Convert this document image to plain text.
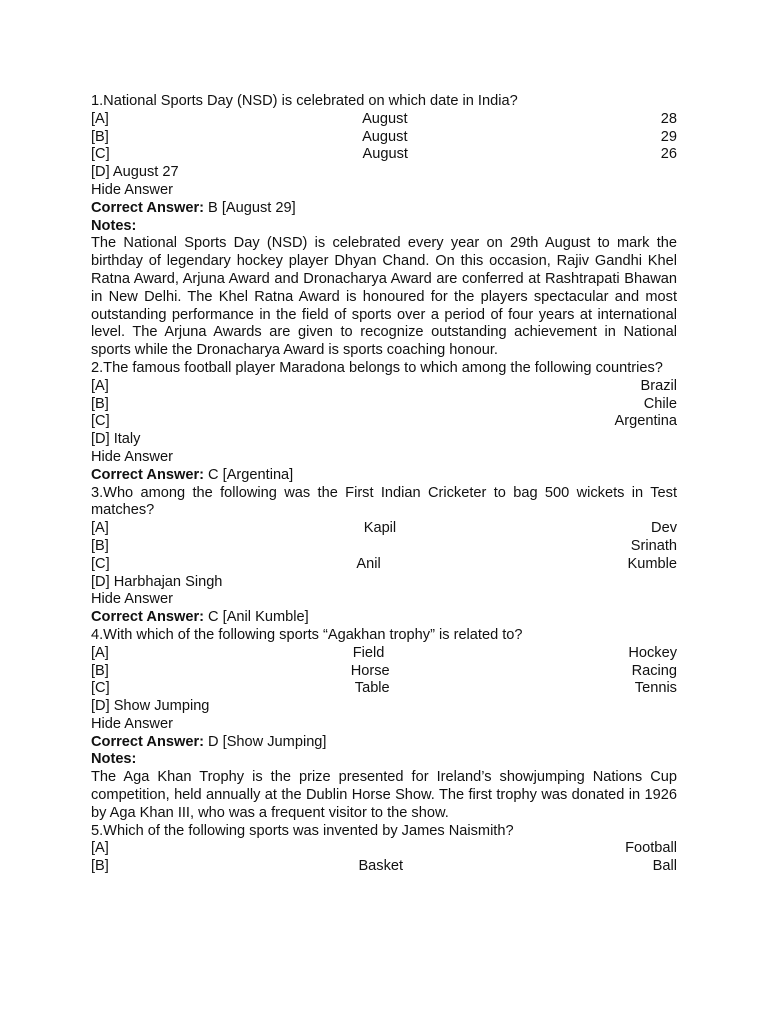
1.National Sports Day (NSD) is celebrated on which date in India?
[A]	August	28
[B]	August	29
[C]	August	26
[D] August 27
Hide Answer
Correct Answer: B [August 29]
Notes:
The National Sports Day (NSD) is celebrated every year on 29th August to mark the birthday of legendary hockey player Dhyan Chand. On this occasion, Rajiv Gandhi Khel Ratna Award, Arjuna Award and Dronacharya Award are conferred at Rashtrapati Bhawan in New Delhi. The Khel Ratna Award is honoured for the players spectacular and most outstanding performance in the field of sports over a period of four years at international level. The Arjuna Awards are given to recognize outstanding achievement in National sports while the Dronacharya Award is sports coaching honour.
2.The famous football player Maradona belongs to which among the following countries?
[A]	Brazil
[B]	Chile
[C]	Argentina
[D] Italy
Hide Answer
Correct Answer: C [Argentina]
3.Who among the following was the First Indian Cricketer to bag 500 wickets in Test matches?
[A]	Kapil	Dev
[B]	Srinath
[C]	Anil	Kumble
[D] Harbhajan Singh
Hide Answer
Correct Answer: C [Anil Kumble]
4.With which of the following sports “Agakhan trophy” is related to?
[A]	Field	Hockey
[B]	Horse	Racing
[C]	Table	Tennis
[D] Show Jumping
Hide Answer
Correct Answer: D [Show Jumping]
Notes:
The Aga Khan Trophy is the prize presented for Ireland’s showjumping Nations Cup competition, held annually at the Dublin Horse Show. The first trophy was donated in 1926 by Aga Khan III, who was a frequent visitor to the show.
5.Which of the following sports was invented by James Naismith?
[A]	Football
[B]	Basket	Ball
